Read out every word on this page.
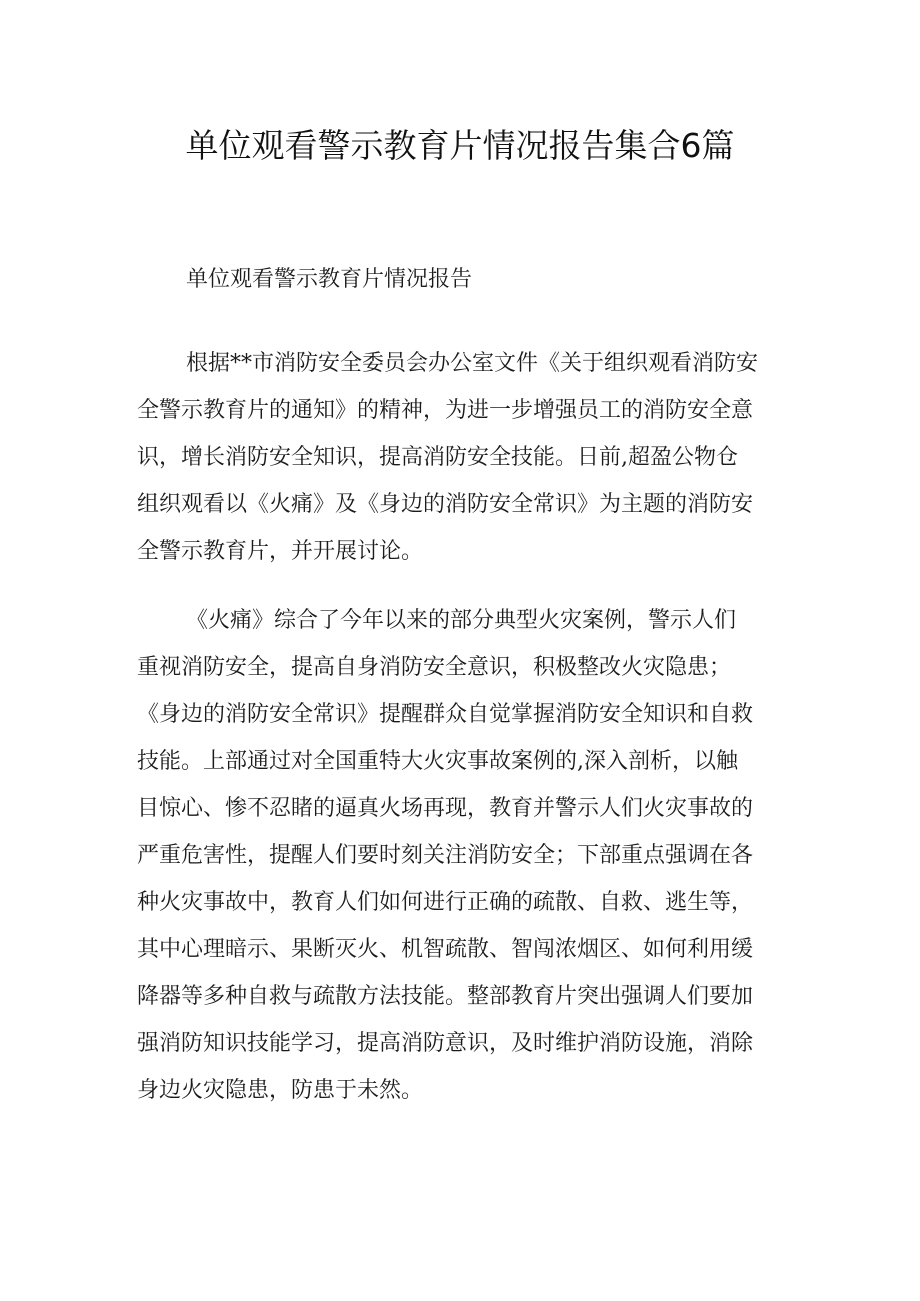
单位观看警示教育片情况报告集合6篇
单位观看警示教育片情况报告
根据**市消防安全委员会办公室文件《关于组织观看消防安
全警示教育片的通知》的精神，为进一步增强员工的消防安全意
识，增长消防安全知识，提高消防安全技能。日前,超盈公物仓
组织观看以《火痛》及《身边的消防安全常识》为主题的消防安
全警示教育片，并开展讨论。
《火痛》综合了今年以来的部分典型火灾案例，警示人们
重视消防安全，提高自身消防安全意识，积极整改火灾隐患；
《身边的消防安全常识》提醒群众自觉掌握消防安全知识和自救
技能。上部通过对全国重特大火灾事故案例的,深入剖析，以触
目惊心、惨不忍睹的逼真火场再现，教育并警示人们火灾事故的
严重危害性，提醒人们要时刻关注消防安全；下部重点强调在各
种火灾事故中，教育人们如何进行正确的疏散、自救、逃生等，
其中心理暗示、果断灭火、机智疏散、智闯浓烟区、如何利用缓
降器等多种自救与疏散方法技能。整部教育片突出强调人们要加
强消防知识技能学习，提高消防意识，及时维护消防设施，消除
身边火灾隐患，防患于未然。
